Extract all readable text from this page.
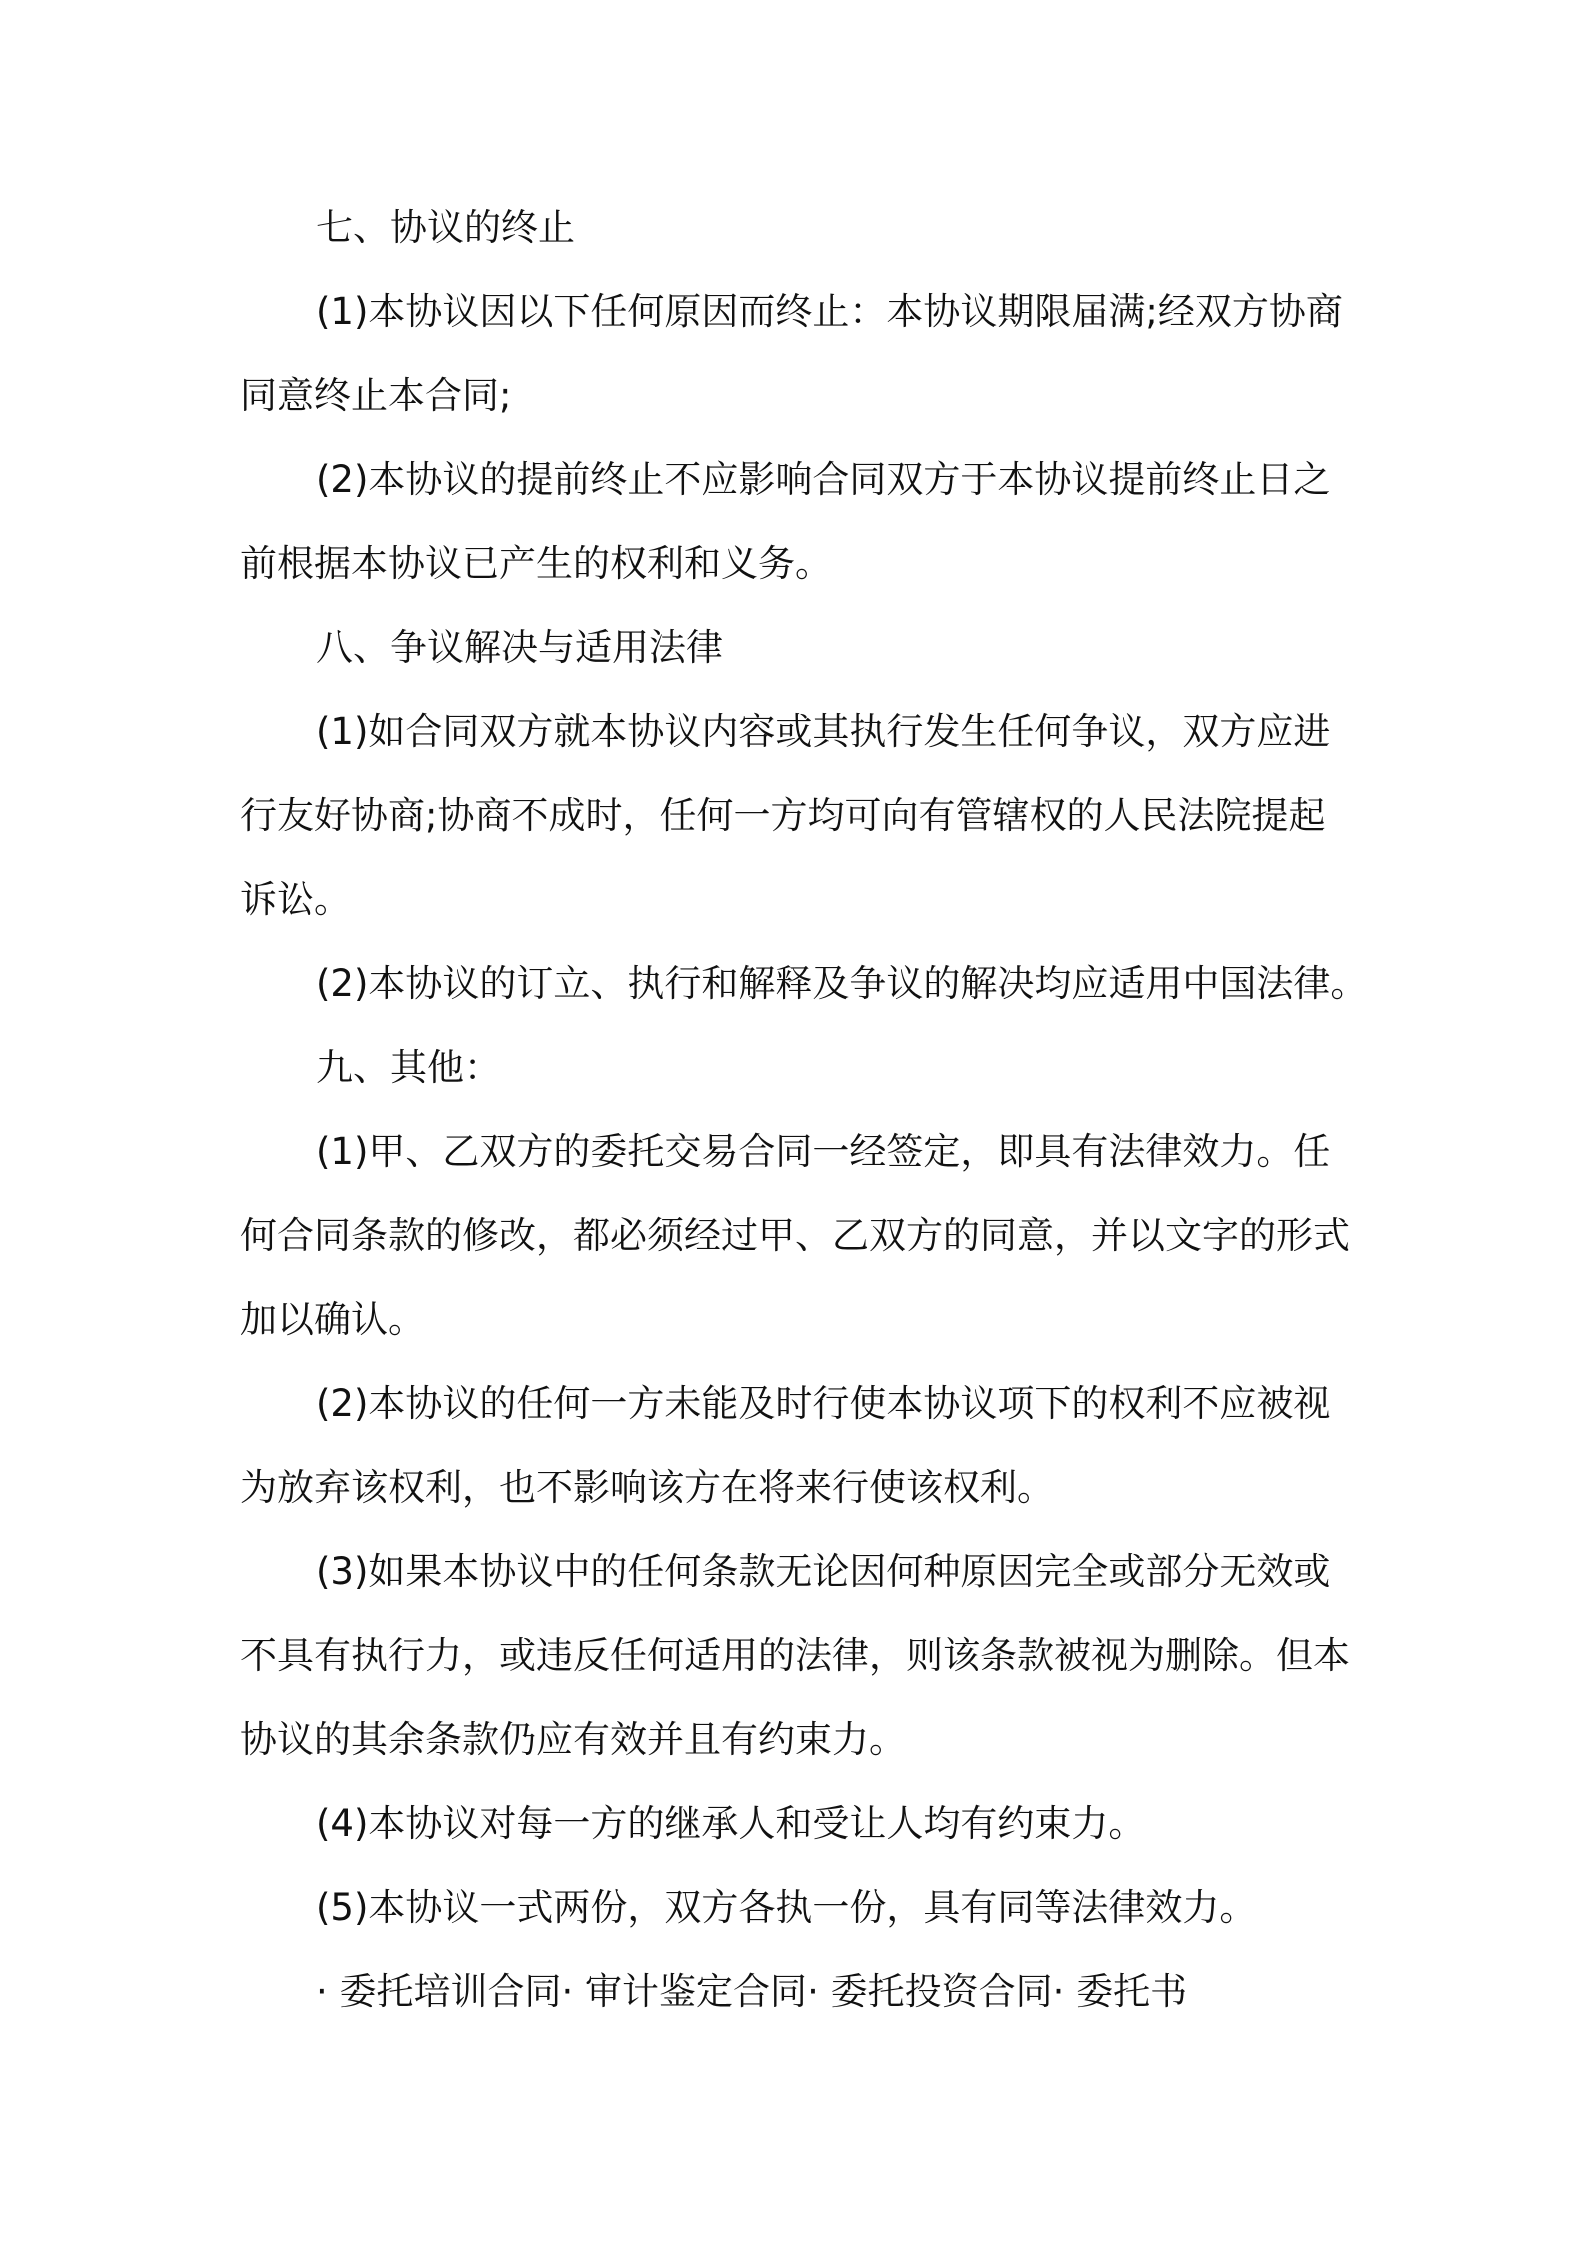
七、协议的终止
(1)本协议因以下任何原因而终止：本协议期限届满;经双方协商
同意终止本合同;
(2)本协议的提前终止不应影响合同双方于本协议提前终止日之
前根据本协议已产生的权利和义务。
八、争议解决与适用法律
(1)如合同双方就本协议内容或其执行发生任何争议，双方应进
行友好协商;协商不成时，任何一方均可向有管辖权的人民法院提起
诉讼。
(2)本协议的订立、执行和解释及争议的解决均应适用中国法律。
九、其他：
(1)甲、乙双方的委托交易合同一经签定，即具有法律效力。任
何合同条款的修改，都必须经过甲、乙双方的同意，并以文字的形式
加以确认。
(2)本协议的任何一方未能及时行使本协议项下的权利不应被视
为放弃该权利，也不影响该方在将来行使该权利。
(3)如果本协议中的任何条款无论因何种原因完全或部分无效或
不具有执行力，或违反任何适用的法律，则该条款被视为删除。但本
协议的其余条款仍应有效并且有约束力。
(4)本协议对每一方的继承人和受让人均有约束力。
(5)本协议一式两份，双方各执一份，具有同等法律效力。
· 委托培训合同 · 审计鉴定合同 · 委托投资合同 · 委托书
